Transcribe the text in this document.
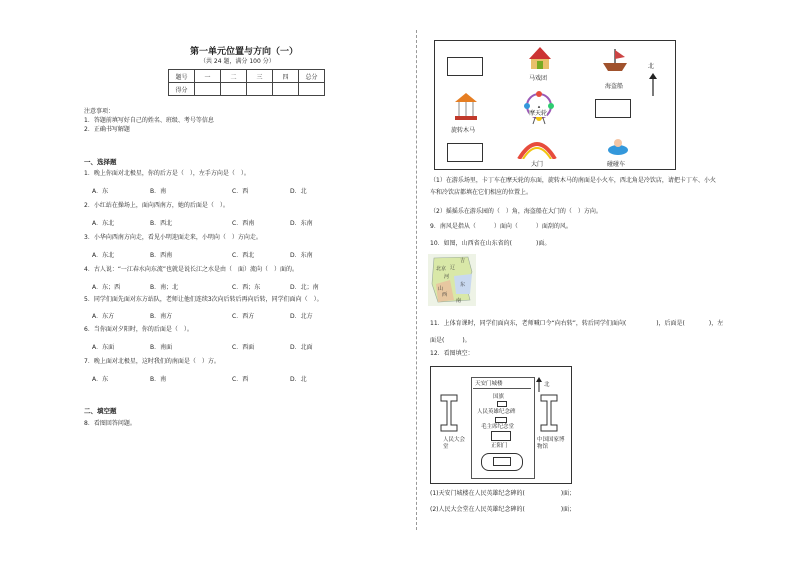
第一单元位置与方向（一）
（共 24 题，满分 100 分）
题号	一	二	三	四	总分
得分					
注意事项：
1．答题前填写好自己的姓名、班级、考号等信息
2．正确书写解题
一、选择题
1．晚上你面对北极星，你的后方是（　），左手方向是（　）。
A．东	B．南	C．西	D．北
2．小红站在操场上，面向西南方，她的后面是（　）。
A．东北	B．西北	C．西南	D．东南
3．小华向西南方向走，看见小明迎面走来，小明向（　）方向走。
A．东北	B．西南	C．西北	D．东南
4．古人说：“一江春水向东流”也就是说长江之水是由（　面）流向（　）面的。
A．东；西	B．南；北	C．西；东	D．北；南
5．同学们面先面对东方站队，老师让他们连续3次向后转后再向后转，同学们面向（　）。
A．东方	B．南方	C．西方	D．北方
6．当你面对夕阳时，你的后面是（　）。
A．东面	B．南面	C．西面	D．北面
7．晚上面对北极星，这时我们的南面是（　）方。
A．东	B．南	C．西	D．北
二、填空题
8．看图回答问题。
马戏团
海盗船
北
摩天轮
旋转木马
大门	碰碰车
（1）在游乐场里，卡丁车在摩天轮的东面，旋转木马的南面是小火车，西北角是冷饮店，请把卡丁车、小火
车和冷饮店都填在它们相应的位置上。
（2）摇摇乐在游乐园的（　）角，海盗船在大门的（　）方向。
9．南风是指从（　　　）面向（　　　）面刮的风。
10．如图，山西省在山东省的(　　　　)面。
吉
辽
北京
河
山
西
东
南
11．上体育课时，同学们面向东，老师喊口令“向右转”，转后同学们面向(　　　　　)，后面是(　　　　)，左
面是(　　　)。
12．看图填空：
天安门城楼
国旗
人民英雄纪念碑
毛主席纪念堂
正阳门
人民大会堂
中国国家博物馆
北
(1)天安门城楼在人民英雄纪念碑的(　　　　　　)面；
(2)人民大会堂在人民英雄纪念碑的(　　　　　　)面；
